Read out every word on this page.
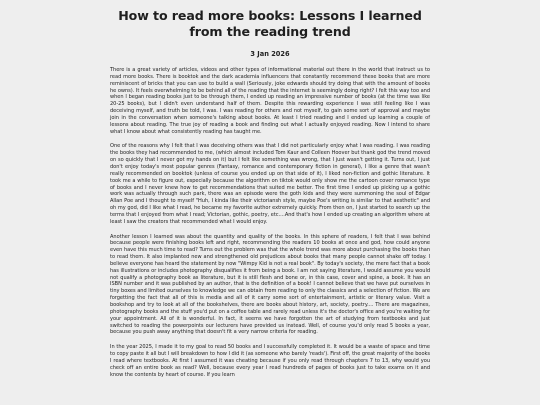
How to read more books: Lessons I learned from the reading trend
3 Jan 2026

There is a great variety of articles, videos and other types of informational material out there in the world that instruct us to read more books. There is booktok and the dark academia influencers that constantly recommend these books that are more reminiscent of bricks that you can use to build a wall (Seriously, joke edwards should try doing that with the amount of books he owns). It feels overwhelming to be behind all of the reading that the internet is seemingly doing right? I felt this way too and when I began reading books just to be through them, I ended up reading an impressive number of books (at the time was like 20-25 books), but I didn't even understand half of them. Despite this rewarding experience I was still feeling like I was deceiving myself, and truth be told, I was. I was reading for others and not myself, to gain some sort of approval and maybe join in the conversation when someone's talking about books. At least I tried reading and I ended up learning a couple of lessons about reading. The true joy of reading a book and finding out what I actually enjoyed reading. Now I intend to share what I know about what consistently reading has taught me.

One of the reasons why I felt that I was deceiving others was that I did not particularly enjoy what I was reading. I was reading the books they had recommended to me, (which almost included Tom Kaur and Colleen Hoover but thank god the trend moved on so quickly that I never got my hands on it) but I felt like something was wrong, that I just wasn't getting it. Turns out, I just don't enjoy today's most popular genres (Fantasy, romance and contemporary fiction in general), I like a genre that wasn't really recommended on booktok (unless of course you ended up on that side of it), I liked non-fiction and gothic literature. It took me a while to figure out, especially because the algorithm on tiktok would only show me the cartoon cover romance type of books and I never knew how to get recommendations that suited me better. The first time I ended up picking up a gothic work was actually through such park, there was an episode were the goth kids and they were summoning the soul of Edgar Allan Poe and I thought to myself "Huh, I kinda like their victoriansh style, maybe Poe's writing is similar to that aesthetic" and oh my god, did I like what I read, he became my favorite author extremely quickly. From then on, I just started to search up the terms that I enjoyed from what I read; Victorian, gothic, poetry, etc....And that's how I ended up creating an algorithm where at least I saw the creators that recommended what I would enjoy.

Another lesson I learned was about the quantity and quality of the books. In this sphere of readers, I felt that I was behind because people were finishing books left and right, recommending the readers 10 books at once and god, how could anyone even have this much time to read? Turns out the problem was that the whole trend was more about purchasing the books than to read them. It also implanted new and strengthened old prejudices about books that many people cannot shake off today. I believe everyone has heard the statement by now "Wimpy Kid is not a real book". By today's society, the mere fact that a book has illustrations or includes photography disqualifies it from being a book. I am not saying literature, I would assume you would not qualify a photography book as literature, but it is still flesh and bone or, in this case, cover and spine, a book. It has an ISBN number and it was published by an author, that is the definition of a book! I cannot believe that we have put ourselves in tiny boxes and limited ourselves to knowledge we can obtain from reading to only the classics and a selection of fiction. We are forgetting the fact that all of this is media and all of it carry some sort of entertainment, artistic or literary value. Visit a bookshop and try to look at all of the bookshelves, there are books about history, art, society, poetry.... There are magazines, photography books and the stuff you'd put on a coffee table and rarely read unless it's the doctor's office and you're waiting for your appointment. All of it is wonderful. In fact, it seems we have forgotten the art of studying from textbooks and just switched to reading the powerpoints our lecturers have provided us instead. Well, of course you'd only read 5 books a year, because you push away anything that doesn't fit a very narrow criteria for reading.

In the year 2025, I made it to my goal to read 50 books and I successfully completed it. It would be a waste of space and time to copy paste it all but I will breakdown to how I did it (as someone who barely 'reads'). First off, the great majority of the books I read where textbooks. At first I assumed it was cheating because if you only read through chapters 7 to 13, why would you check off an entire book as read? Well, because every year I read hundreds of pages of books just to take exams on it and know the contents by heart of course. If you learn
